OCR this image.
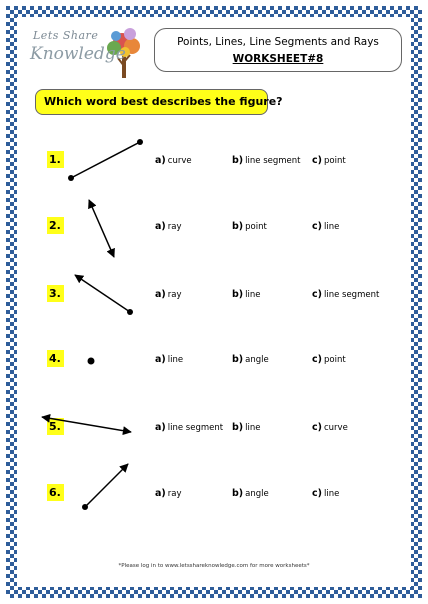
Lets Share
Knowledge
Points, Lines, Line Segments and Rays
WORKSHEET#8
Which word best describes the figure?
1.	a) curve	b) line segment c) point
2.	a) ray	b) point	c) line
3.	a) ray	b) line	c) line segment
4.	a) line	b) angle	c) point
5.	a) line segment b) line	c) curve
6.	a) ray	b) angle	c) line
*Please log in to www.letsshareknowledge.com for more worksheets*
